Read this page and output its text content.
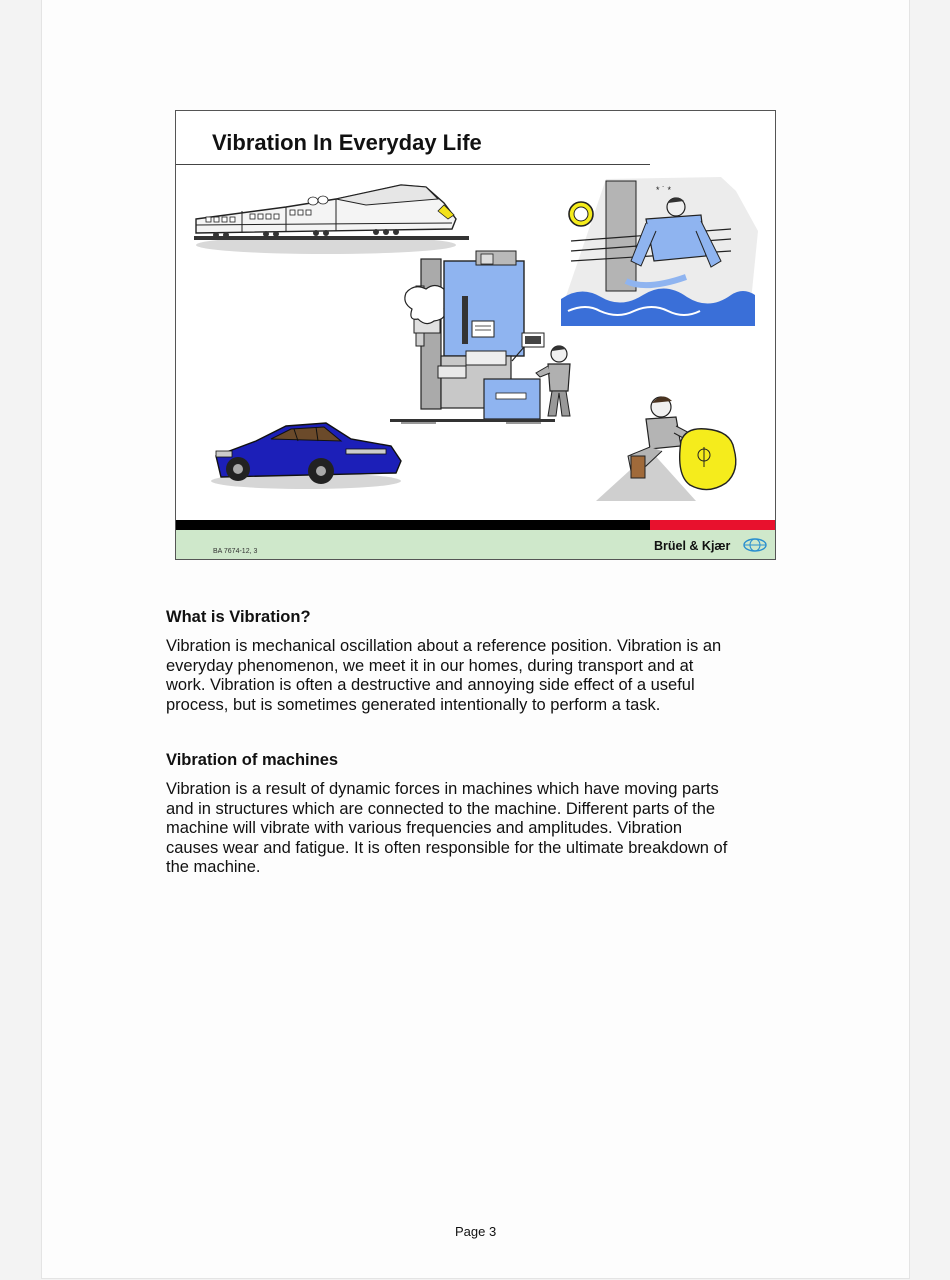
Vibration In Everyday Life
* ˙ *
BA 7674-12, 3	Brüel & Kjær
What is Vibration?
Vibration is mechanical oscillation about a reference position. Vibration is an
everyday phenomenon, we meet it in our homes, during transport and at
work. Vibration is often a destructive and annoying side effect of a useful
process, but is sometimes generated intentionally to perform a task.
Vibration of machines
Vibration is a result of dynamic forces in machines which have moving parts
and in structures which are connected to the machine. Different parts of the
machine will vibrate with various frequencies and amplitudes. Vibration
causes wear and fatigue. It is often responsible for the ultimate breakdown of
the machine.
Page 3
